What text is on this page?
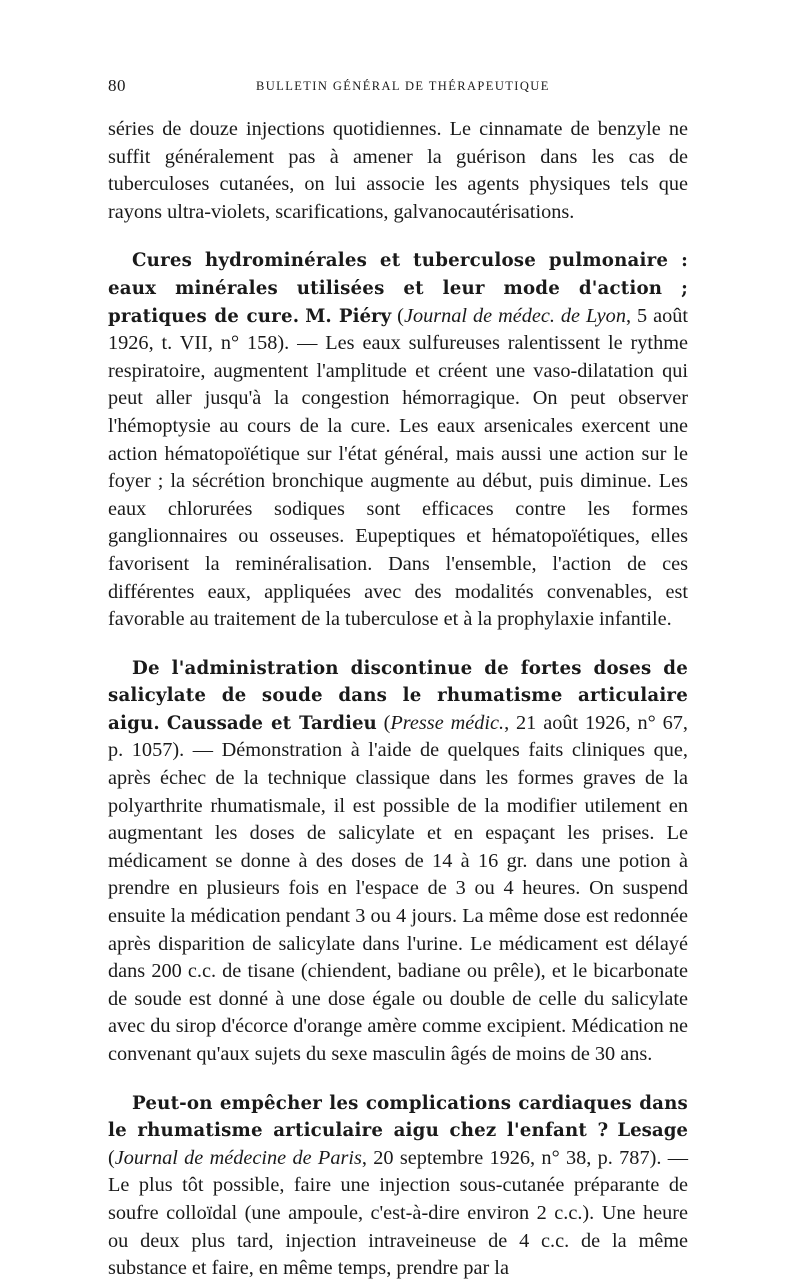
80	BULLETIN GÉNÉRAL DE THÉRAPEUTIQUE

séries de douze injections quotidiennes. Le cinnamate de benzyle ne suffit généralement pas à amener la guérison dans les cas de tuberculoses cutanées, on lui associe les agents physiques tels que rayons ultra-violets, scarifications, galvanocautérisations.

Cures hydrominérales et tuberculose pulmonaire : eaux minérales utilisées et leur mode d'action ; pratiques de cure. M. Piéry (Journal de médec. de Lyon, 5 août 1926, t. VII, n° 158). — Les eaux sulfureuses ralentissent le rythme respiratoire, augmentent l'amplitude et créent une vaso-dilatation qui peut aller jusqu'à la congestion hémorragique. On peut observer l'hémoptysie au cours de la cure. Les eaux arsenicales exercent une action hématopoïétique sur l'état général, mais aussi une action sur le foyer ; la sécrétion bronchique augmente au début, puis diminue. Les eaux chlorurées sodiques sont efficaces contre les formes ganglionnaires ou osseuses. Eupeptiques et hématopoïétiques, elles favorisent la reminéralisation. Dans l'ensemble, l'action de ces différentes eaux, appliquées avec des modalités convenables, est favorable au traitement de la tuberculose et à la prophylaxie infantile.

De l'administration discontinue de fortes doses de salicylate de soude dans le rhumatisme articulaire aigu. Caussade et Tardieu (Presse médic., 21 août 1926, n° 67, p. 1057). — Démonstration à l'aide de quelques faits cliniques que, après échec de la technique classique dans les formes graves de la polyarthrite rhumatismale, il est possible de la modifier utilement en augmentant les doses de salicylate et en espaçant les prises. Le médicament se donne à des doses de 14 à 16 gr. dans une potion à prendre en plusieurs fois en l'espace de 3 ou 4 heures. On suspend ensuite la médication pendant 3 ou 4 jours. La même dose est redonnée après disparition de salicylate dans l'urine. Le médicament est délayé dans 200 c.c. de tisane (chiendent, badiane ou prêle), et le bicarbonate de soude est donné à une dose égale ou double de celle du salicylate avec du sirop d'écorce d'orange amère comme excipient. Médication ne convenant qu'aux sujets du sexe masculin âgés de moins de 30 ans.

Peut-on empêcher les complications cardiaques dans le rhumatisme articulaire aigu chez l'enfant ? Lesage (Journal de médecine de Paris, 20 septembre 1926, n° 38, p. 787). — Le plus tôt possible, faire une injection sous-cutanée préparante de soufre colloïdal (une ampoule, c'est-à-dire environ 2 c.c.). Une heure ou deux plus tard, injection intraveineuse de 4 c.c. de la même substance et faire, en même temps, prendre par la
